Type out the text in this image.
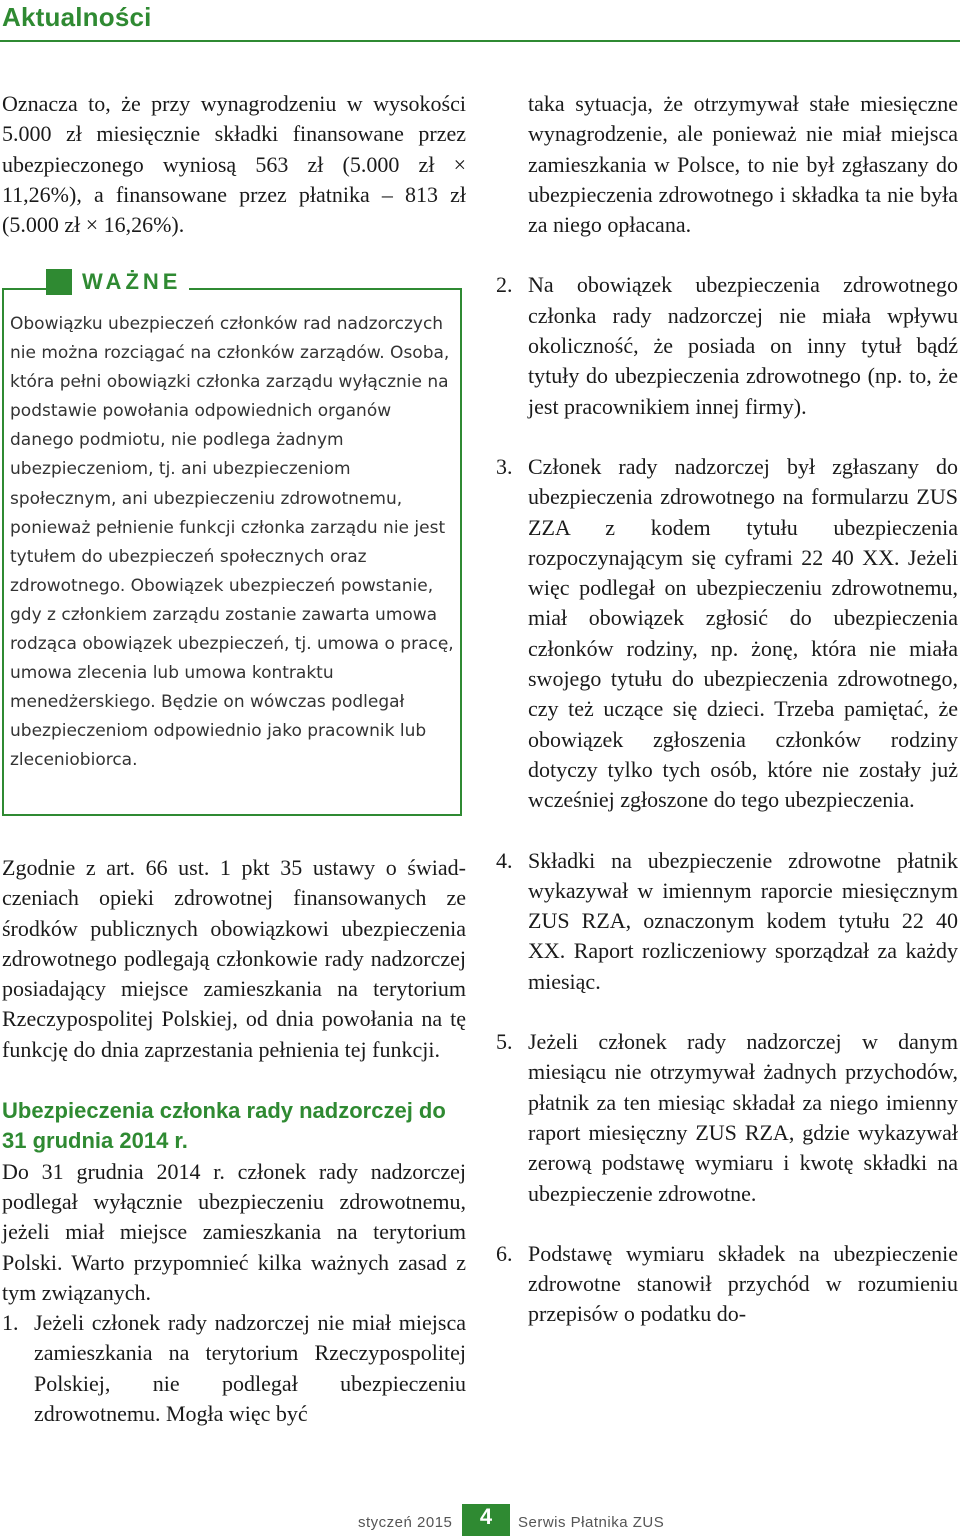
Aktualności

Oznacza to, że przy wynagrodzeniu w wysokości 5.000 zł miesięcznie składki finansowane przez ubezpieczonego wyniosą 563 zł (5.000 zł × 11,26%), a finansowane przez płatnika – 813 zł (5.000 zł × 16,26%).

WAŻNE

Obowiązku ubezpieczeń członków rad nadzorczych nie można rozciągać na członków zarządów. Osoba, która pełni obowiązki członka zarządu wyłącznie na podstawie powołania odpowiednich organów danego podmiotu, nie podlega żadnym ubezpieczeniom, tj. ani ubezpieczeniom społecznym, ani ubezpieczeniu zdrowotnemu, ponieważ pełnienie funkcji członka zarządu nie jest tytułem do ubezpieczeń społecznych oraz zdrowotnego. Obowiązek ubezpieczeń powstanie, gdy z członkiem zarządu zostanie zawarta umowa rodząca obowiązek ubezpieczeń, tj. umowa o pracę, umowa zlecenia lub umowa kontraktu menedżerskiego. Będzie on wówczas podlegał ubezpieczeniom odpowiednio jako pracownik lub zleceniobiorca.

Zgodnie z art. 66 ust. 1 pkt 35 ustawy o świadczeniach opieki zdrowotnej finansowanych ze środków publicznych obowiązkowi ubezpieczenia zdrowotnego podlegają członkowie rady nadzorczej posiadający miejsce zamieszkania na terytorium Rzeczypospolitej Polskiej, od dnia powołania na tę funkcję do dnia zaprzestania pełnienia tej funkcji.

Ubezpieczenia członka rady nadzorczej do 31 grudnia 2014 r.

Do 31 grudnia 2014 r. członek rady nadzorczej podlegał wyłącznie ubezpieczeniu zdrowotnemu, jeżeli miał miejsce zamieszkania na terytorium Polski. Warto przypomnieć kilka ważnych zasad z tym związanych.

1. Jeżeli członek rady nadzorczej nie miał miejsca zamieszkania na terytorium Rzeczypospolitej Polskiej, nie podlegał ubezpieczeniu zdrowotnemu. Mogła więc być

taka sytuacja, że otrzymywał stałe miesięczne wynagrodzenie, ale ponieważ nie miał miejsca zamieszkania w Polsce, to nie był zgłaszany do ubezpieczenia zdrowotnego i składka ta nie była za niego opłacana.

2. Na obowiązek ubezpieczenia zdrowotnego członka rady nadzorczej nie miała wpływu okoliczność, że posiada on inny tytuł bądź tytuły do ubezpieczenia zdrowotnego (np. to, że jest pracownikiem innej firmy).
3. Członek rady nadzorczej był zgłaszany do ubezpieczenia zdrowotnego na formularzu ZUS ZZA z kodem tytułu ubezpieczenia rozpoczynającym się cyframi 22 40 XX. Jeżeli więc podlegał on ubezpieczeniu zdrowotnemu, miał obowiązek zgłosić do ubezpieczenia członków rodziny, np. żonę, która nie miała swojego tytułu do ubezpieczenia zdrowotnego, czy też uczące się dzieci. Trzeba pamiętać, że obowiązek zgłoszenia członków rodziny dotyczy tylko tych osób, które nie zostały już wcześniej zgłoszone do tego ubezpieczenia.
4. Składki na ubezpieczenie zdrowotne płatnik wykazywał w imiennym raporcie miesięcznym ZUS RZA, oznaczonym kodem tytułu 22 40 XX. Raport rozliczeniowy sporządzał za każdy miesiąc.
5. Jeżeli członek rady nadzorczej w danym miesiącu nie otrzymywał żadnych przychodów, płatnik za ten miesiąc składał za niego imienny raport miesięczny ZUS RZA, gdzie wykazywał zerową podstawę wymiaru i kwotę składki na ubezpieczenie zdrowotne.
6. Podstawę wymiaru składek na ubezpieczenie zdrowotne stanowił przychód w rozumieniu przepisów o podatku do-
styczeń 2015	4	Serwis Płatnika ZUS
